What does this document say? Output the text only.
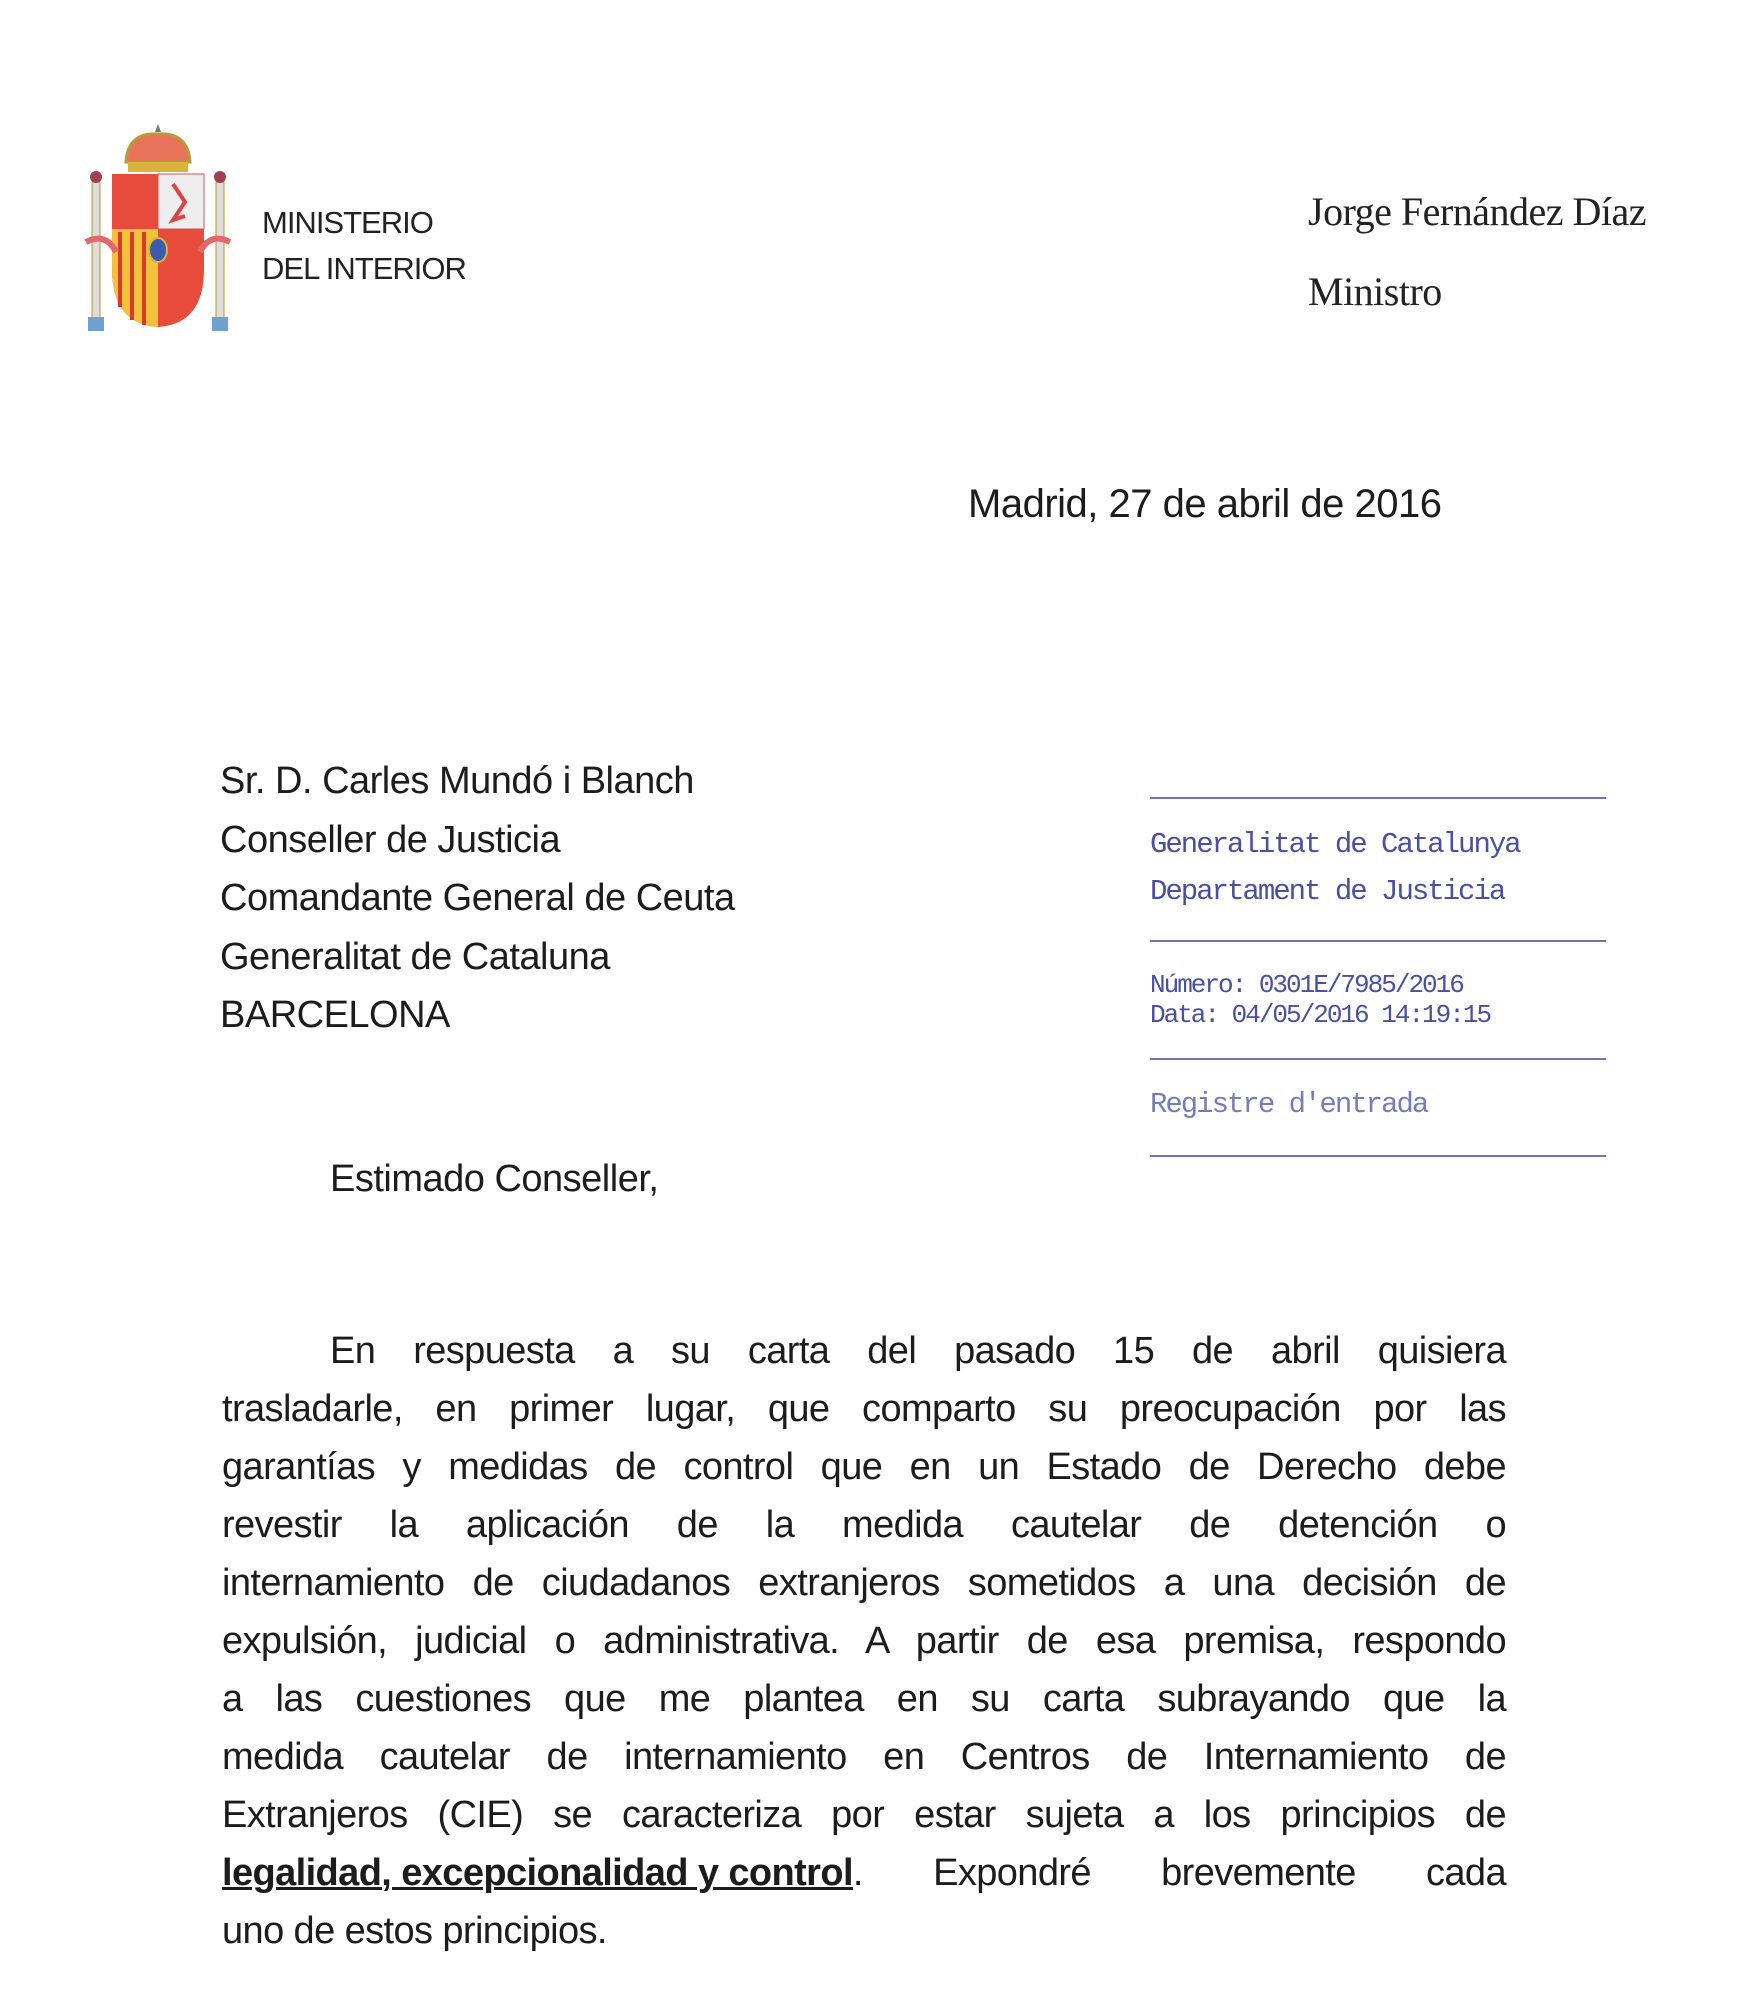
MINISTERIO
DEL INTERIOR
Jorge Fernández Díaz
Ministro
Madrid, 27 de abril de 2016
Sr. D. Carles Mundó i Blanch
Conseller de Justicia
Comandante General de Ceuta
Generalitat de Cataluna
BARCELONA
Generalitat de Catalunya
Departament de Justicia
Número: 0301E/7985/2016
Data: 04/05/2016 14:19:15
Registre d'entrada
Estimado Conseller,
En respuesta a su carta del pasado 15 de abril quisiera
trasladarle, en primer lugar, que comparto su preocupación por las
garantías y medidas de control que en un Estado de Derecho debe
revestir la aplicación de la medida cautelar de detención o
internamiento de ciudadanos extranjeros sometidos a una decisión de
expulsión, judicial o administrativa. A partir de esa premisa, respondo
a las cuestiones que me plantea en su carta subrayando que la
medida cautelar de internamiento en Centros de Internamiento de
Extranjeros (CIE) se caracteriza por estar sujeta a los principios de
legalidad, excepcionalidad y control . Expondré brevemente cada
uno de estos principios.
